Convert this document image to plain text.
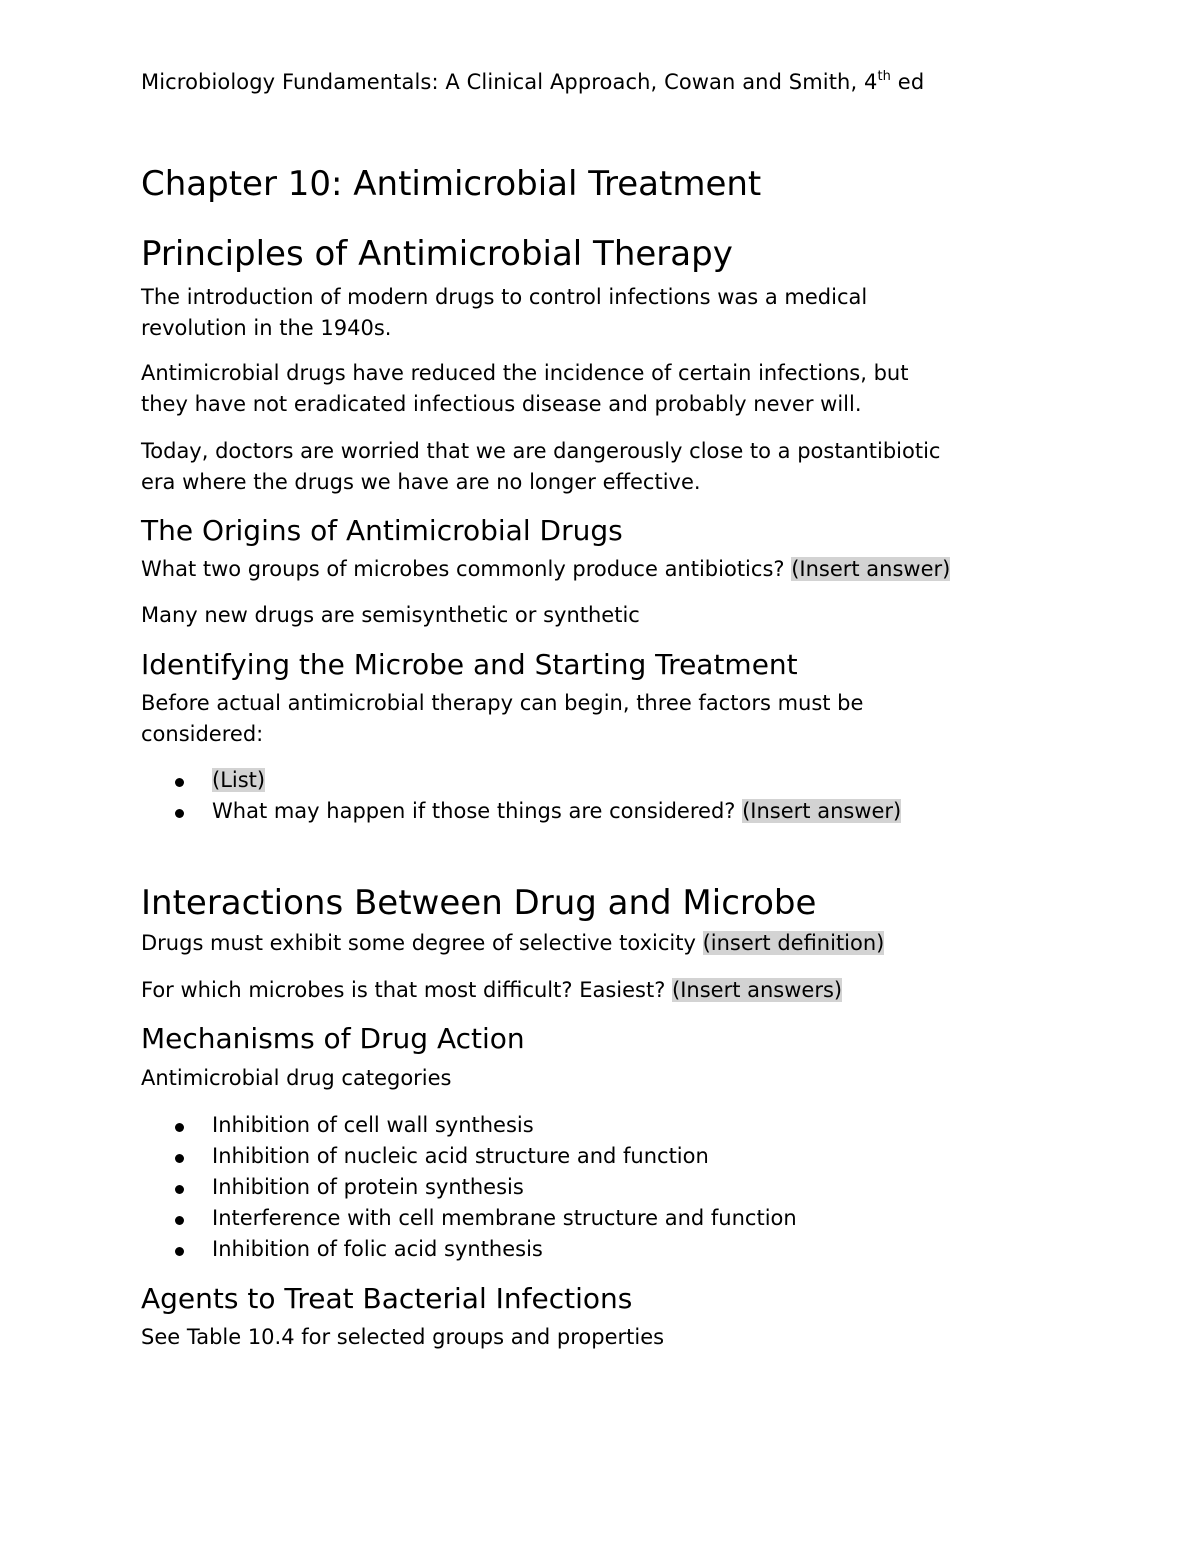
Microbiology Fundamentals: A Clinical Approach, Cowan and Smith, 4th ed
Chapter 10: Antimicrobial Treatment
Principles of Antimicrobial Therapy
The introduction of modern drugs to control infections was a medical
revolution in the 1940s.
Antimicrobial drugs have reduced the incidence of certain infections, but
they have not eradicated infectious disease and probably never will.
Today, doctors are worried that we are dangerously close to a postantibiotic
era where the drugs we have are no longer effective.
The Origins of Antimicrobial Drugs
What two groups of microbes commonly produce antibiotics? (Insert answer)
Many new drugs are semisynthetic or synthetic
Identifying the Microbe and Starting Treatment
Before actual antimicrobial therapy can begin, three factors must be
considered:
(List)
What may happen if those things are considered? (Insert answer)
Interactions Between Drug and Microbe
Drugs must exhibit some degree of selective toxicity (insert definition)
For which microbes is that most difficult? Easiest? (Insert answers)
Mechanisms of Drug Action
Antimicrobial drug categories
Inhibition of cell wall synthesis
Inhibition of nucleic acid structure and function
Inhibition of protein synthesis
Interference with cell membrane structure and function
Inhibition of folic acid synthesis
Agents to Treat Bacterial Infections
See Table 10.4 for selected groups and properties
